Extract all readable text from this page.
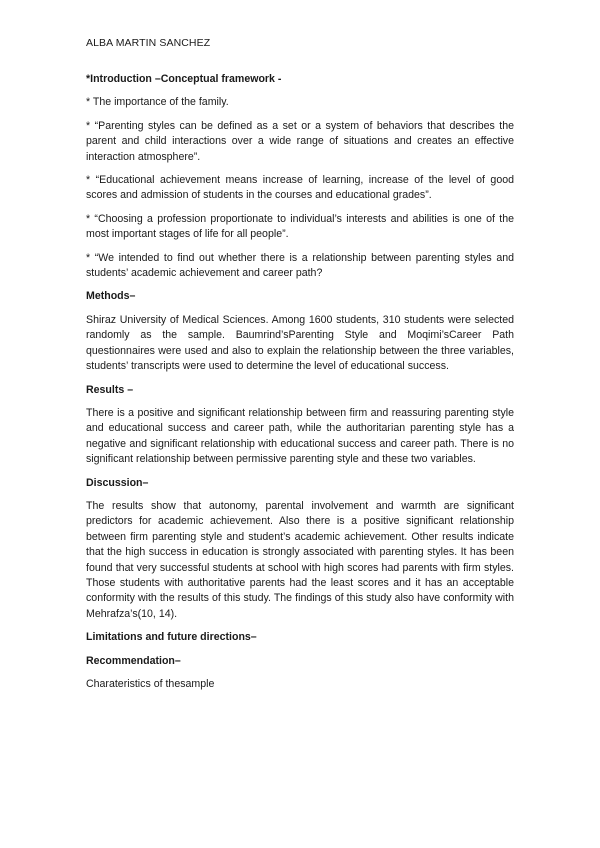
ALBA MARTIN SANCHEZ

*Introduction –Conceptual framework -

* The importance of the family.

* “Parenting styles can be defined as a set or a system of behaviors that describes the parent and child interactions over a wide range of situations and creates an effective interaction atmosphere”.

* “Educational achievement means increase of learning, increase of the level of good scores and admission of students in the courses and educational grades”.

* “Choosing a profession proportionate to individual’s interests and abilities is one of the most important stages of life for all people”.

* “We intended to find out whether there is a relationship between parenting styles and students’ academic achievement and career path?

Methods–

Shiraz University of Medical Sciences. Among 1600 students, 310 students were selected randomly as the sample. Baumrind’sParenting Style and Moqimi’sCareer Path questionnaires were used and also to explain the relationship between the three variables, students’ transcripts were used to determine the level of educational success.

Results –

There is a positive and significant relationship between firm and reassuring parenting style and educational success and career path, while the authoritarian parenting style has a negative and significant relationship with educational success and career path. There is no significant relationship between permissive parenting style and these two variables.

Discussion–

The results show that autonomy, parental involvement and warmth are significant predictors for academic achievement. Also there is a positive significant relationship between firm parenting style and student’s academic achievement. Other results indicate that the high success in education is strongly associated with parenting styles. It has been found that very successful students at school with high scores had parents with firm styles. Those students with authoritative parents had the least scores and it has an acceptable conformity with the results of this study. The findings of this study also have conformity with Mehrafza’s(10, 14).

Limitations and future directions–

Recommendation–

Charateristics of thesample
